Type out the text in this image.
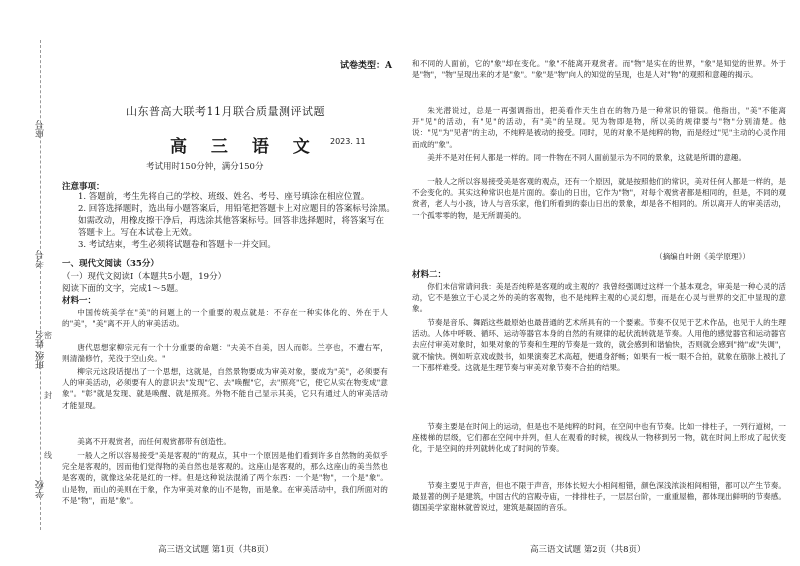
座号
考号
班级 姓名
学校
密
封
线
试卷类型：A
山东普高大联考11月联合质量测评试题
高 三 语 文 2023. 11
考试用时150分钟，满分150分
注意事项：
1. 答题前，考生先将自己的学校、班级、姓名、考号、座号填涂在相应位置。
2. 回答选择题时，选出每小题答案后，用铅笔把答题卡上对应题目的答案标号涂黑。
如需改动，用橡皮擦干净后，再选涂其他答案标号。回答非选择题时，将答案写在
答题卡上。写在本试卷上无效。
3. 考试结束，考生必须将试题卷和答题卡一并交回。
一、现代文阅读（35分）
（一）现代文阅读Ⅰ（本题共5小题，19分）
阅读下面的文字，完成1～5题。
材料一：
中国传统美学在"美"的问题上的一个重要的观点就是：不存在一种实体化的、外在于人的"美"，"美"离不开人的审美活动。
唐代思想家柳宗元有一个十分重要的命题："夫美不自美，因人而彰。兰亭也，不遭右军，则清湍修竹，芜没于空山矣。"
柳宗元这段话提出了一个思想，这就是，自然景物要成为审美对象，要成为"美"，必须要有人的审美活动，必须要有人的意识去"发现"它、去"唤醒"它，去"照亮"它，使它从实在物变成"意象"。"彰"就是发现、就是唤醒、就是照亮。外物不能自己显示其美，它只有通过人的审美活动才能显现。
美离不开观赏者，而任何观赏都带有创造性。
一般人之所以容易接受"美是客观的"的观点，其中一个原因是他们看到许多自然物的美似乎完全是客观的，因而他们觉得物的美自然也是客观的。这座山是客观的，那么这座山的美当然也是客观的，就像这朵花是红的一样。但是这种说法混淆了两个东西：一个是"物"，一个是"象"。山是物，而山的美则在于象，作为审美对象的山不是物，而是象。在审美活动中，我们所面对的不是"物"，而是"象"。
高三语文试题 第1页（共8页）
和不同的人面前，它的"象"却在变化。"象"不能离开观赏者。而"物"是实在的世界，"象"是知觉的世界。外于是"物"，"物"呈现出来的才是"象"。"象"是"物"向人的知觉的呈现，也是人对"物"的观照和意趣的揭示。
朱光潜说过，总是一再强调指出，把美看作天生自在的物乃是一种常识的错误。他指出，"美"不能离开"见"的活动，有"见"的活动，有"美"的呈现。见为物即是物，所以美的规律要与"物"分别清楚。他说："见"为"见者"的主动，不纯粹是被动的接受。同时，见的对象不是纯粹的物，而是经过"见"主动的心灵作用而成的"象"。
美并不是对任何人都是一样的。同一件物在不同人面前显示为不同的景象，这就是所谓的意趣。
一般人之所以容易接受美是客观的观点，还有一个原因，就是按照他们的常识，美对任何人都是一样的，是不会变化的。其实这种常识也是片面的。泰山的日出，它作为"物"，对每个观赏者都是相同的，但是，不同的观赏者，老人与小孩，诗人与音乐家，他们所看到的泰山日出的景象，却是各不相同的。所以离开人的审美活动，一个孤零零的物，是无所谓美的。
（摘编自叶朗《美学原理》）
材料二：
你们未信常请问我：美是否纯粹是客观的或主观的？我曾经强调过这样一个基本观念，审美是一种心灵的活动，它不是独立于心灵之外的美的客观物，也不是纯粹主观的心灵幻想，而是在心灵与世界的交汇中显现的意象。
节奏是音乐、舞蹈这些最原始也最普通的艺术所具有的一个要素。节奏不仅见于艺术作品，也见于人的生理活动。人体中呼吸、循环、运动等器官本身的自然的有规律的起伏流转就是节奏。人用他的感觉器官和运动器官去应付审美对象时，如果对象的节奏和生理的节奏是一致的，就会感到和谐愉快，否则就会感到"拗"或"失调"，就不愉快。例如听京戏或鼓书，如果演奏艺术高超，便通身舒畅；如果有一板一眼不合拍，就象在筋脉上被扎了一下那样难受。这就是生理节奏与审美对象节奏不合拍的结果。
节奏主要是在时间上的运动，但是也不是纯粹的时间，在空间中也有节奏。比如一排柱子，一列行道树，一座楼梯的层级，它们都在空间中并列，但人在观看的时候，视线从一物移到另一物，就在时间上形成了起伏变化，于是空间的并列就转化成了时间的节奏。
节奏主要见于声音，但也不限于声音，形体长短大小相间相错，颜色深浅浓淡相间相错，都可以产生节奏。最显著的例子是建筑，中国古代的宫殿寺庙，一排排柱子，一层层台阶，一重重屋檐，都体现出鲜明的节奏感。德国美学家谢林就曾说过，建筑是凝固的音乐。
高三语文试题 第2页（共8页）
